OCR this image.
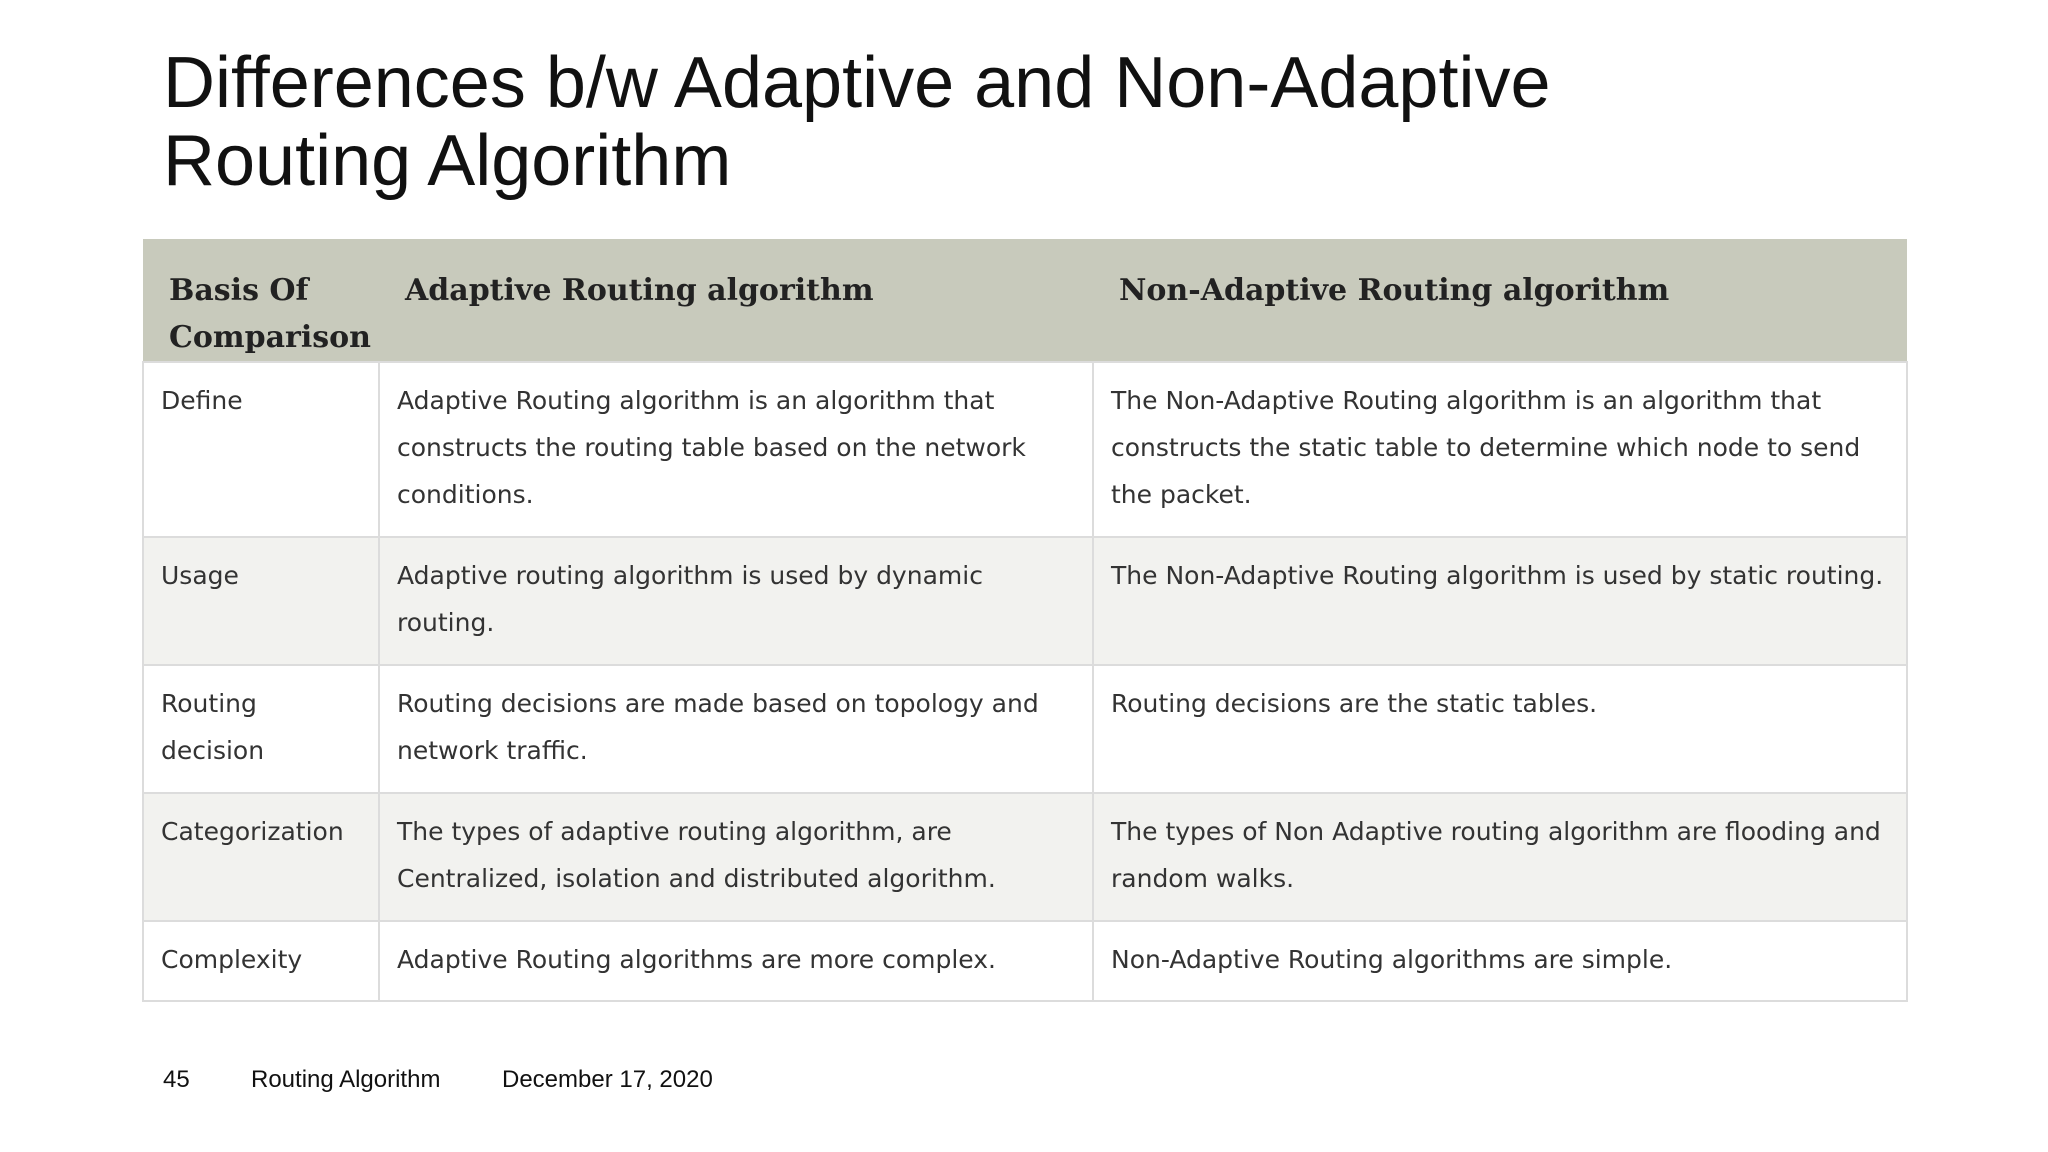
Differences b/w Adaptive and Non-Adaptive
Routing Algorithm
Basis Of Comparison	Adaptive Routing algorithm	Non-Adaptive Routing algorithm
Define	Adaptive Routing algorithm is an algorithm that constructs the routing table based on the network conditions.	The Non-Adaptive Routing algorithm is an algorithm that constructs the static table to determine which node to send the packet.
Usage	Adaptive routing algorithm is used by dynamic routing.	The Non-Adaptive Routing algorithm is used by static routing.
Routing decision	Routing decisions are made based on topology and network traffic.	Routing decisions are the static tables.
Categorization	The types of adaptive routing algorithm, are Centralized, isolation and distributed algorithm.	The types of Non Adaptive routing algorithm are flooding and random walks.
Complexity	Adaptive Routing algorithms are more complex.	Non-Adaptive Routing algorithms are simple.
45	Routing Algorithm	December 17, 2020
